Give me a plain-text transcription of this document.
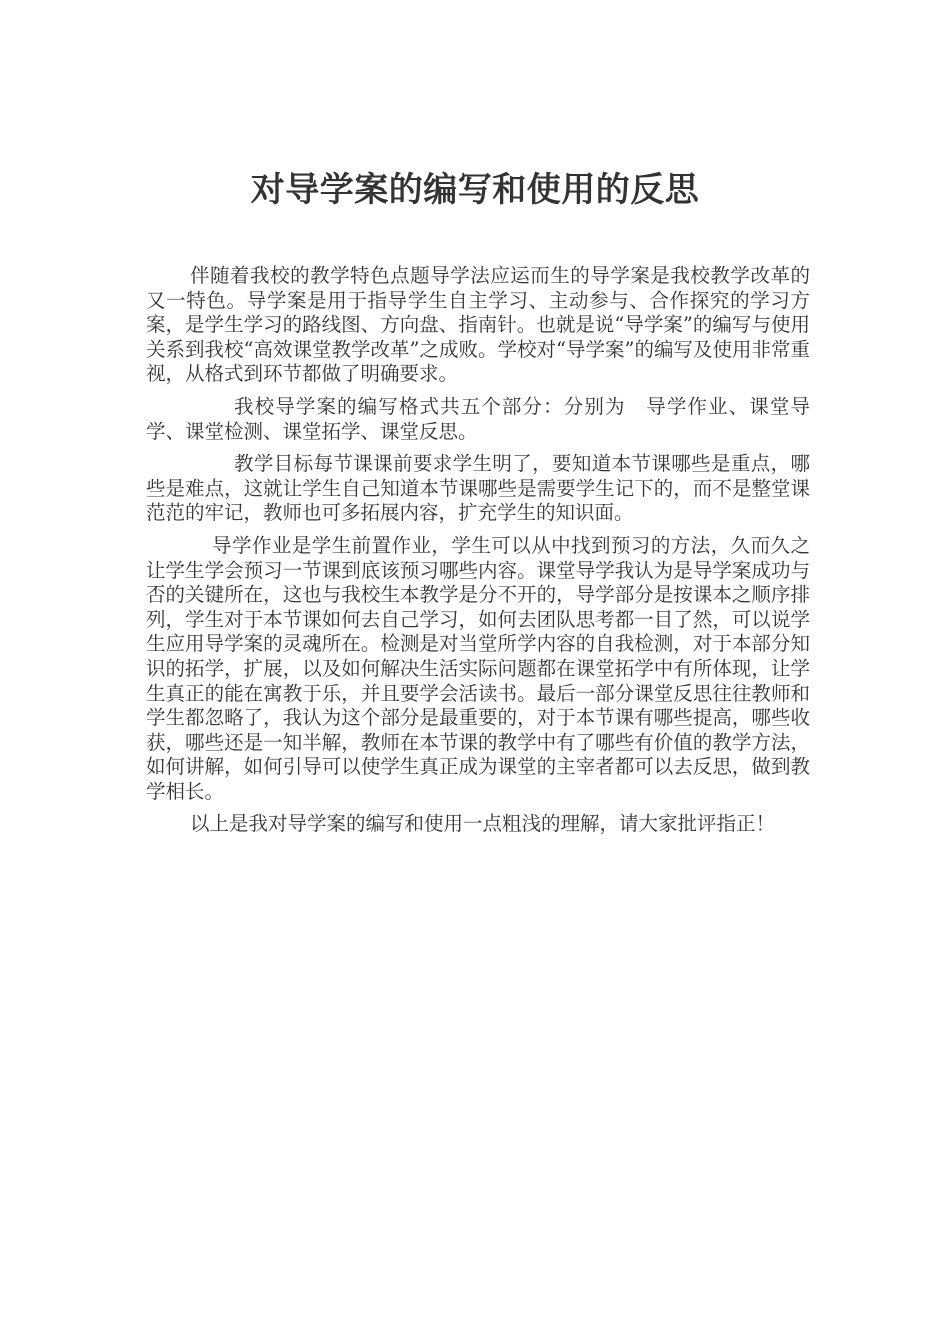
对导学案的编写和使用的反思

伴随着我校的教学特色点题导学法应运而生的导学案是我校教学改革的又一特色。导学案是用于指导学生自主学习、主动参与、合作探究的学习方案，是学生学习的路线图、方向盘、指南针。也就是说“导学案”的编写与使用关系到我校“高效课堂教学改革”之成败。学校对“导学案”的编写及使用非常重视，从格式到环节都做了明确要求。

我校导学案的编写格式共五个部分：分别为　导学作业、课堂导学、课堂检测、课堂拓学、课堂反思。

教学目标每节课课前要求学生明了，要知道本节课哪些是重点，哪些是难点，这就让学生自己知道本节课哪些是需要学生记下的，而不是整堂课范范的牢记，教师也可多拓展内容，扩充学生的知识面。

导学作业是学生前置作业，学生可以从中找到预习的方法，久而久之让学生学会预习一节课到底该预习哪些内容。课堂导学我认为是导学案成功与否的关键所在，这也与我校生本教学是分不开的，导学部分是按课本之顺序排列，学生对于本节课如何去自己学习，如何去团队思考都一目了然，可以说学生应用导学案的灵魂所在。检测是对当堂所学内容的自我检测，对于本部分知识的拓学，扩展，以及如何解决生活实际问题都在课堂拓学中有所体现，让学生真正的能在寓教于乐，并且要学会活读书。最后一部分课堂反思往往教师和学生都忽略了，我认为这个部分是最重要的，对于本节课有哪些提高，哪些收获，哪些还是一知半解，教师在本节课的教学中有了哪些有价值的教学方法，如何讲解，如何引导可以使学生真正成为课堂的主宰者都可以去反思，做到教学相长。

以上是我对导学案的编写和使用一点粗浅的理解，请大家批评指正！
